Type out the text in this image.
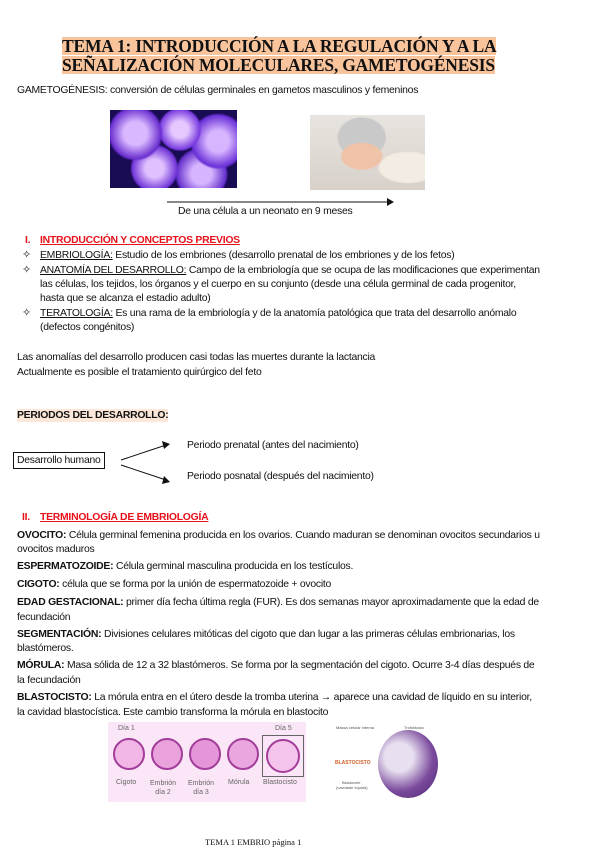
TEMA 1: INTRODUCCIÓN A LA REGULACIÓN Y A LA
SEÑALIZACIÓN MOLECULARES, GAMETOGÉNESIS
GAMETOGÉNESIS: conversión de células germinales en gametos masculinos y femeninos
De una célula a un neonato en 9 meses
I. INTRODUCCIÓN Y CONCEPTOS PREVIOS
✧ EMBRIOLOGÍA: Estudio de los embriones (desarrollo prenatal de los embriones y de los fetos)
✧ ANATOMÍA DEL DESARROLLO: Campo de la embriología que se ocupa de las modificaciones que experimentan
las células, los tejidos, los órganos y el cuerpo en su conjunto (desde una célula germinal de cada progenitor,
hasta que se alcanza el estadio adulto)
✧ TERATOLOGÍA: Es una rama de la embriología y de la anatomía patológica que trata del desarrollo anómalo
(defectos congénitos)
Las anomalías del desarrollo producen casi todas las muertes durante la lactancia
Actualmente es posible el tratamiento quirúrgico del feto
PERIODOS DEL DESARROLLO:
Desarrollo humano
Periodo prenatal (antes del nacimiento)
Periodo posnatal (después del nacimiento)
II. TERMINOLOGÍA DE EMBRIOLOGÍA
OVOCITO: Célula germinal femenina producida en los ovarios. Cuando maduran se denominan ovocitos secundarios u
ovocitos maduros
ESPERMATOZOIDE: Célula germinal masculina producida en los testículos.
CIGOTO: célula que se forma por la unión de espermatozoide + ovocito
EDAD GESTACIONAL: primer día fecha última regla (FUR). Es dos semanas mayor aproximadamente que la edad de
fecundación
SEGMENTACIÓN: Divisiones celulares mitóticas del cigoto que dan lugar a las primeras células embrionarias, los
blastómeros.
MÓRULA: Masa sólida de 12 a 32 blastómeros. Se forma por la segmentación del cigoto. Ocurre 3-4 días después de
la fecundación
BLASTOCISTO: La mórula entra en el útero desde la tromba uterina → aparece una cavidad de líquido en su interior,
la cavidad blastocística. Este cambio transforma la mórula en blastocito
Día 1	Día 5
Cigoto Embrión
día 2
Embrión
día 3
Mórula Blastocisto
Massa celular interna	Trofoblasto
BLASTOCISTO
Blastocele
(cavidade líquida)
TEMA 1 EMBRIO página 1
